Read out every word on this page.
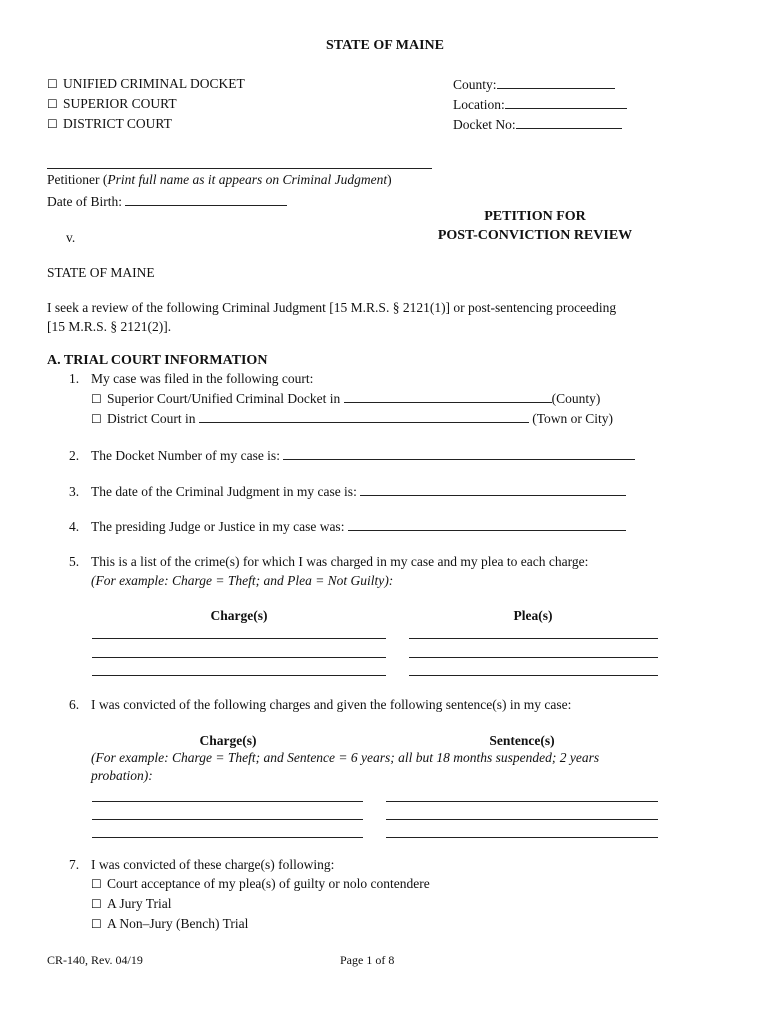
STATE OF MAINE
☐ UNIFIED CRIMINAL DOCKET
☐ SUPERIOR COURT
☐ DISTRICT COURT
County:
Location:
Docket No:
Petitioner (Print full name as it appears on Criminal Judgment)
Date of Birth:
PETITION FOR
POST-CONVICTION REVIEW
v.
STATE OF MAINE
I seek a review of the following Criminal Judgment [15 M.R.S. § 2121(1)] or post-sentencing proceeding
[15 M.R.S. § 2121(2)].
A. TRIAL COURT INFORMATION
1. My case was filed in the following court:
☐ Superior Court/Unified Criminal Docket in	(County)
☐ District Court in	(Town or City)
2. The Docket Number of my case is:
3. The date of the Criminal Judgment in my case is:
4. The presiding Judge or Justice in my case was:
5. This is a list of the crime(s) for which I was charged in my case and my plea to each charge:
(For example: Charge = Theft; and Plea = Not Guilty):
Charge(s)	Plea(s)
6. I was convicted of the following charges and given the following sentence(s) in my case:
Charge(s)	Sentence(s)
(For example: Charge = Theft; and Sentence = 6 years; all but 18 months suspended; 2 years
probation):
7. I was convicted of these charge(s) following:
☐ Court acceptance of my plea(s) of guilty or nolo contendere
☐ A Jury Trial
☐ A Non–Jury (Bench) Trial
CR-140, Rev. 04/19	Page 1 of 8
